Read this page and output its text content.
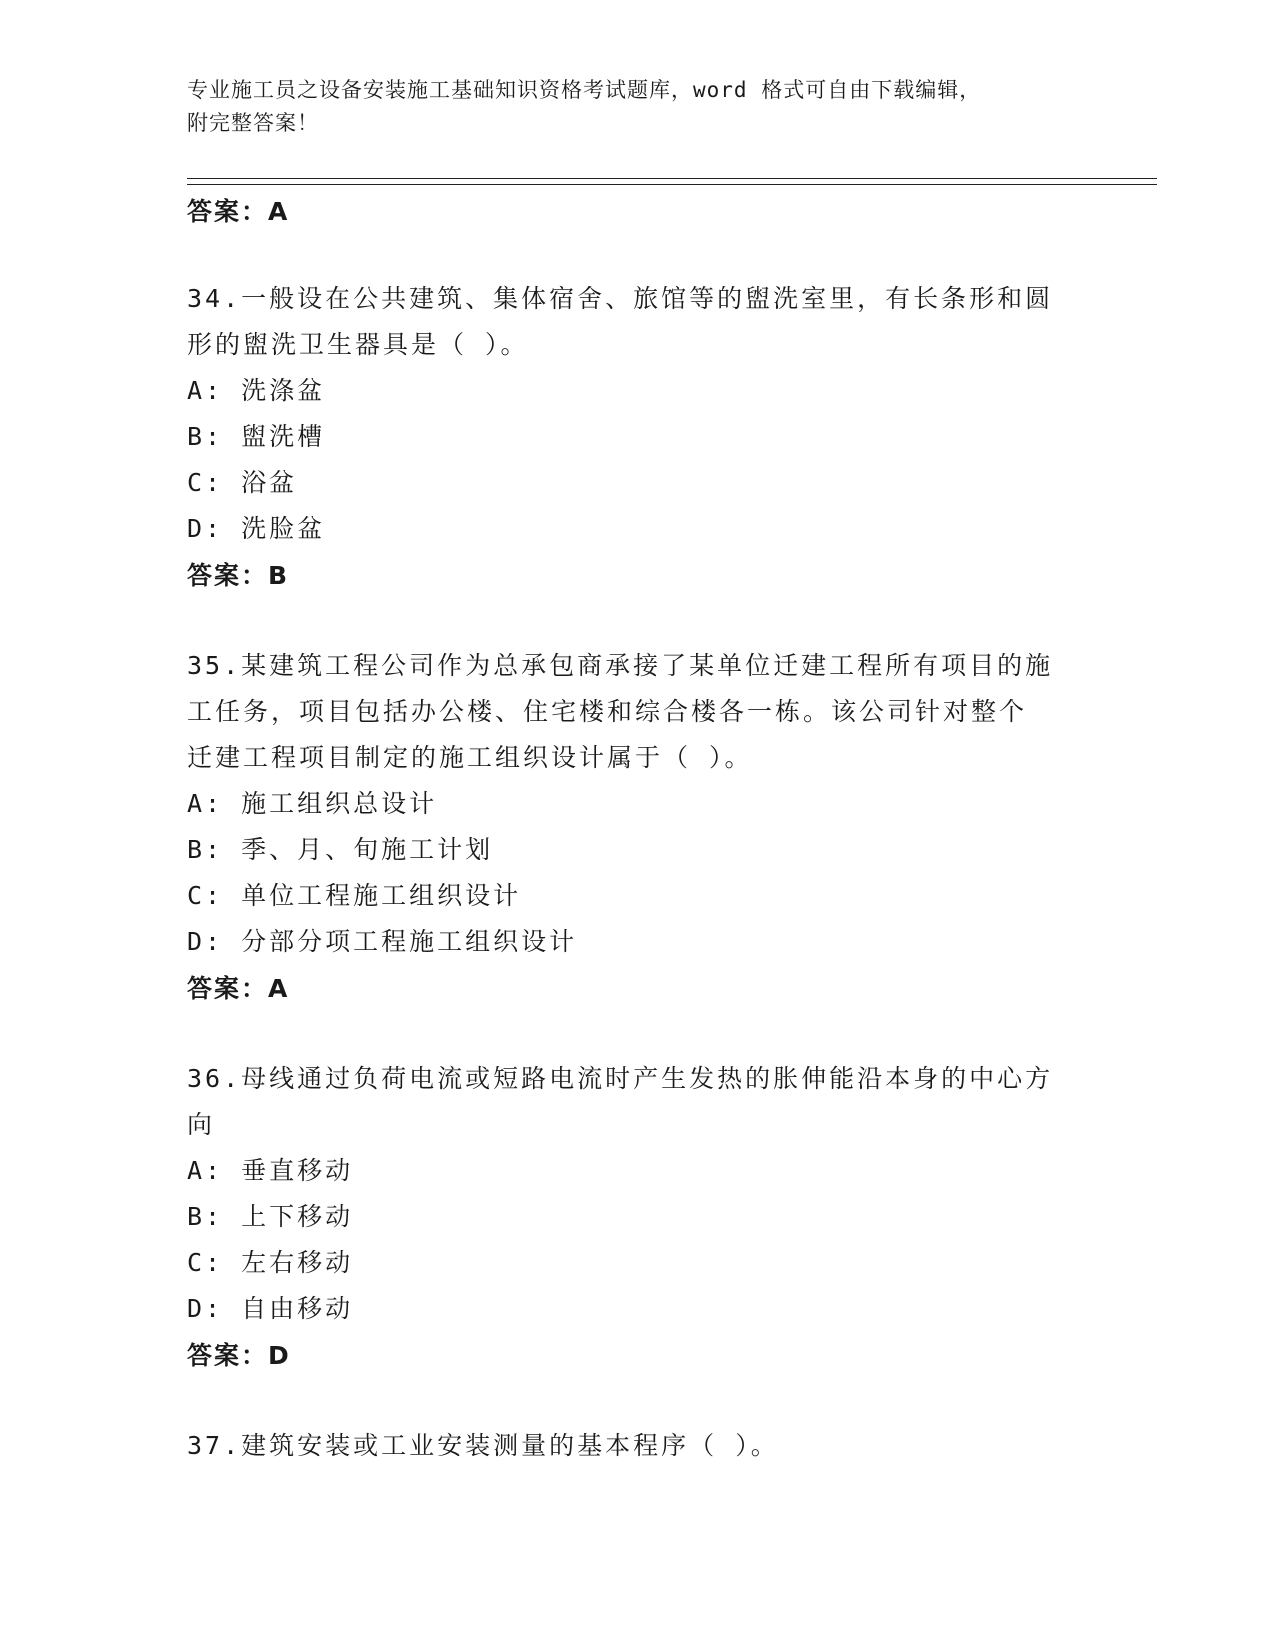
专业施工员之设备安装施工基础知识资格考试题库，word 格式可自由下载编辑，
附完整答案！
答案：A
34.一般设在公共建筑、集体宿舍、旅馆等的盥洗室里，有长条形和圆
形的盥洗卫生器具是（ ）。
A: 洗涤盆
B: 盥洗槽
C: 浴盆
D: 洗脸盆
答案：B
35.某建筑工程公司作为总承包商承接了某单位迁建工程所有项目的施
工任务，项目包括办公楼、住宅楼和综合楼各一栋。该公司针对整个
迁建工程项目制定的施工组织设计属于（ ）。
A: 施工组织总设计
B: 季、月、旬施工计划
C: 单位工程施工组织设计
D: 分部分项工程施工组织设计
答案：A
36.母线通过负荷电流或短路电流时产生发热的胀伸能沿本身的中心方
向
A: 垂直移动
B: 上下移动
C: 左右移动
D: 自由移动
答案：D
37.建筑安装或工业安装测量的基本程序（ ）。
